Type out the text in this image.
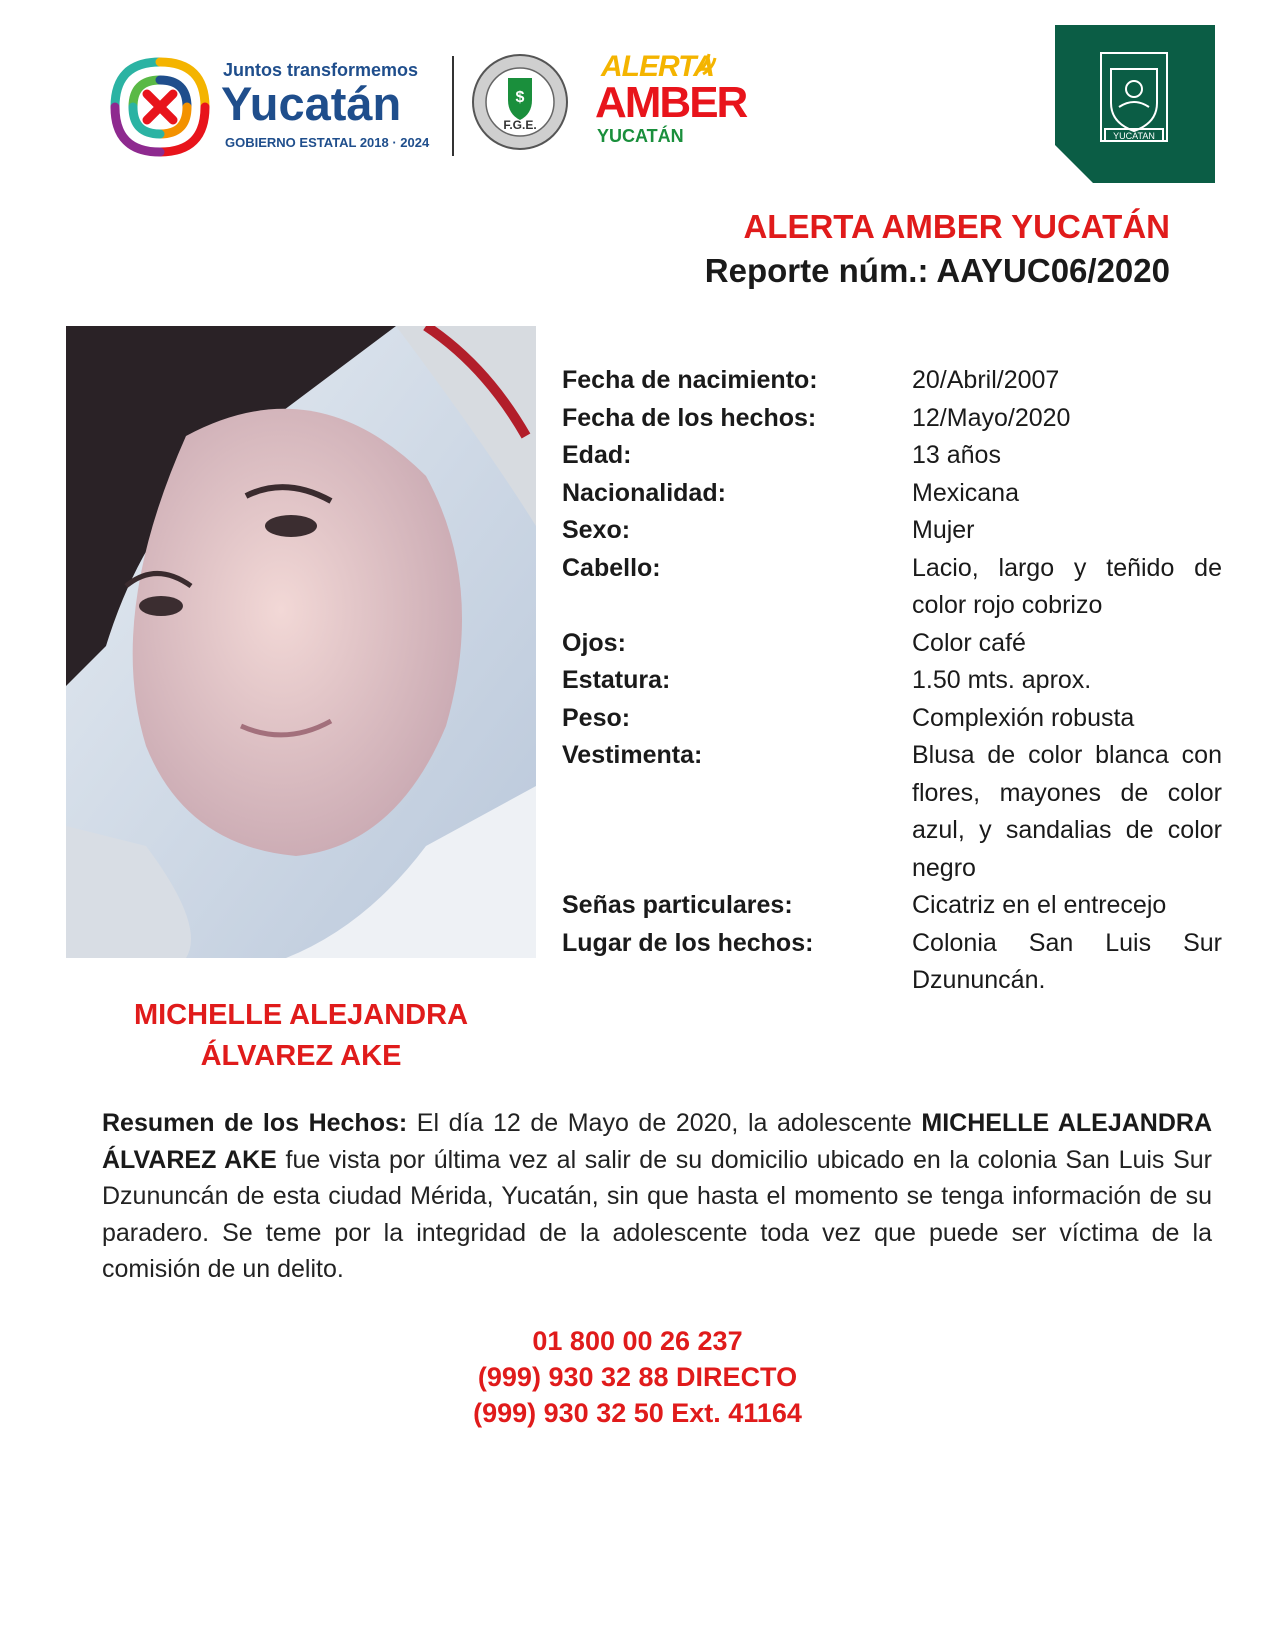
Juntos transformemos
Yucatán
GOBIERNO ESTATAL 2018 · 2024
$
F.G.E.
ALERTA
AMBER
YUCATÁN	YUCATAN
ALERTA AMBER YUCATÁN
Reporte núm.: AAYUC06/2020
MICHELLE ALEJANDRA
ÁLVAREZ AKE
Fecha de nacimiento:	20/Abril/2007
Fecha de los hechos:	12/Mayo/2020
Edad:	13 años
Nacionalidad:	Mexicana
Sexo:	Mujer
Cabello:	Lacio, largo y teñido de color rojo cobrizo
Ojos:	Color café
Estatura:	1.50 mts. aprox.
Peso:	Complexión robusta
Vestimenta:	Blusa de color blanca con flores, mayones de color azul, y sandalias de color negro
Señas particulares:	Cicatriz en el entrecejo
Lugar de los hechos:	Colonia San Luis Sur Dzununcán.
Resumen de los Hechos: El día 12 de Mayo de 2020, la adolescente MICHELLE ALEJANDRA ÁLVAREZ AKE fue vista por última vez al salir de su domicilio ubicado en la colonia San Luis Sur Dzununcán de esta ciudad Mérida, Yucatán, sin que hasta el momento se tenga información de su paradero. Se teme por la integridad de la adolescente toda vez que puede ser víctima de la comisión de un delito.
01 800 00 26 237
(999) 930 32 88 DIRECTO
(999) 930 32 50 Ext. 41164
